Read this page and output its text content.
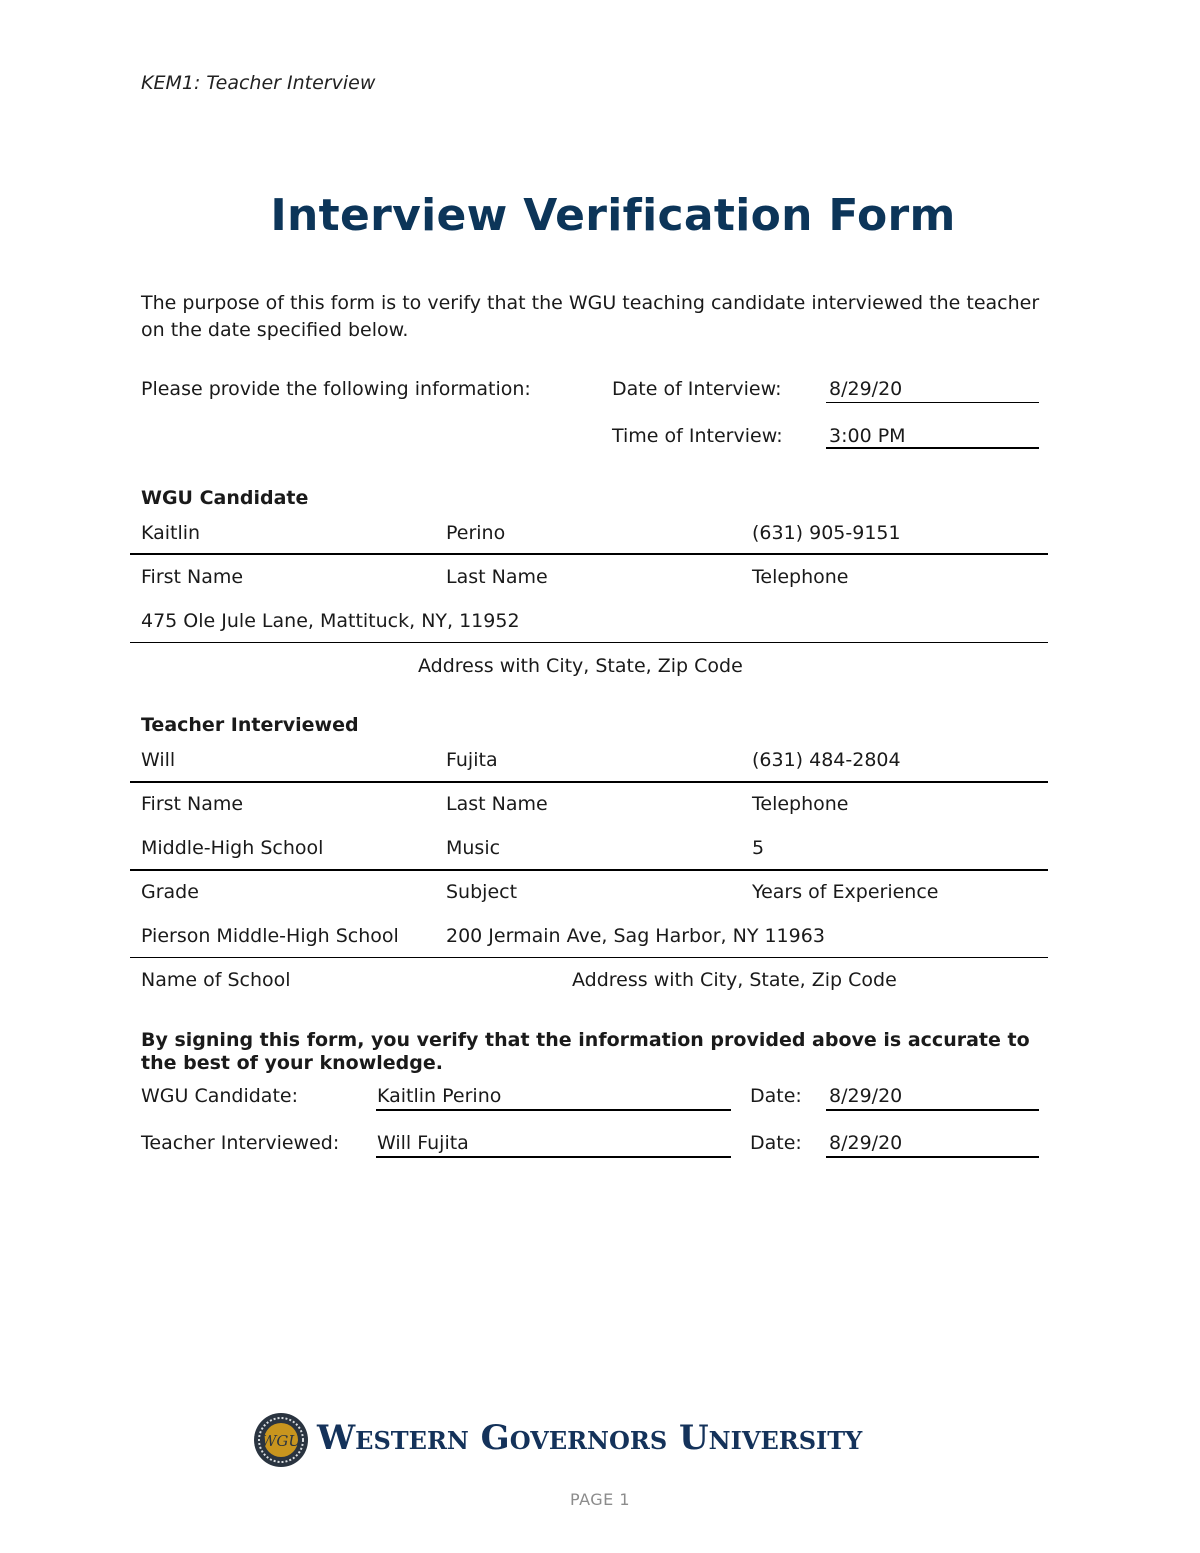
KEM1: Teacher Interview
Interview Verification Form
The purpose of this form is to verify that the WGU teaching candidate interviewed the teacher on the date specified below.
Please provide the following information:	Date of Interview: 8/29/20
Time of Interview: 3:00 PM
WGU Candidate
Kaitlin	Perino	(631) 905-9151
First Name	Last Name	Telephone
475 Ole Jule Lane, Mattituck, NY, 11952
Address with City, State, Zip Code
Teacher Interviewed
Will	Fujita	(631) 484-2804
First Name	Last Name	Telephone
Middle-High School	Music	5
Grade	Subject	Years of Experience
Pierson Middle-High School 200 Jermain Ave, Sag Harbor, NY 11963
Name of School	Address with City, State, Zip Code
By signing this form, you verify that the information provided above is accurate to the best of your knowledge.
WGU Candidate:	Kaitlin Perino	Date: 8/29/20
Teacher Interviewed: Will Fujita	Date: 8/29/20
WGU Western Governors University
PAGE 1
